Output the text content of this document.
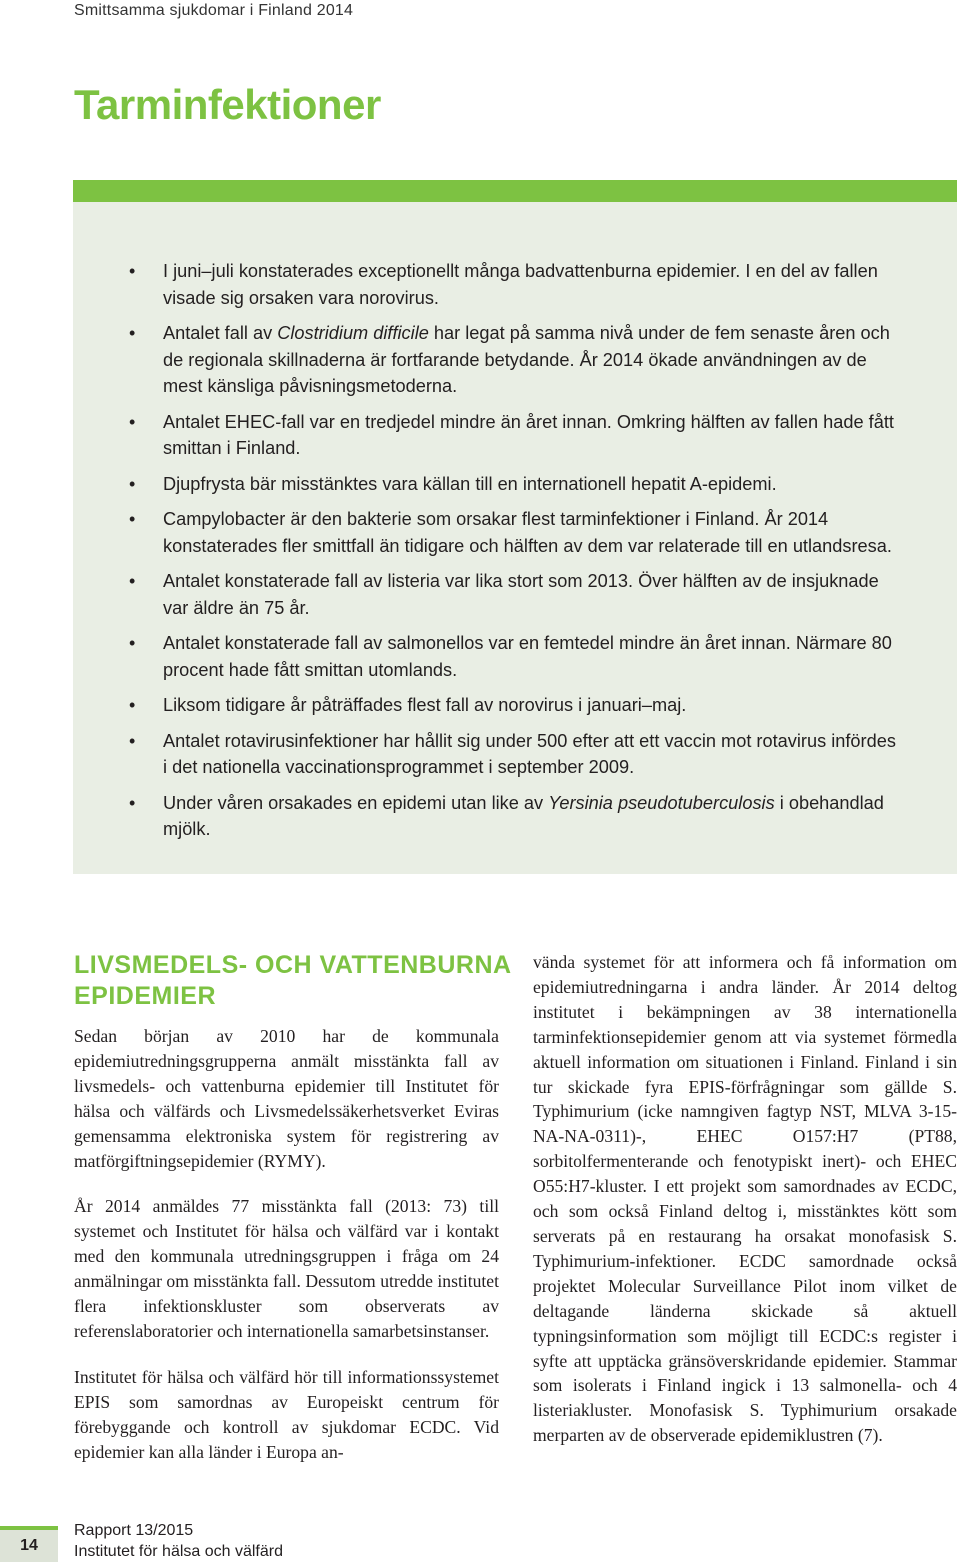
Smittsamma sjukdomar i Finland 2014
Tarminfektioner
• I juni–juli konstaterades exceptionellt många badvattenburna epidemier. I en del av fallen visade sig orsaken vara norovirus.
• Antalet fall av Clostridium difficile har legat på samma nivå under de fem senaste åren och de regionala skillnaderna är fortfarande betydande. År 2014 ökade användningen av de mest känsliga påvisningsmetoderna.
• Antalet EHEC-fall var en tredjedel mindre än året innan. Omkring hälften av fallen hade fått smittan i Finland.
• Djupfrysta bär misstänktes vara källan till en internationell hepatit A-epidemi.
• Campylobacter är den bakterie som orsakar flest tarminfektioner i Finland. År 2014 konstaterades fler smittfall än tidigare och hälften av dem var relaterade till en utlandsresa.
• Antalet konstaterade fall av listeria var lika stort som 2013. Över hälften av de insjuknade var äldre än 75 år.
• Antalet konstaterade fall av salmonellos var en femtedel mindre än året innan. Närmare 80 procent hade fått smittan utomlands.
• Liksom tidigare år påträffades flest fall av norovirus i januari–maj.
• Antalet rotavirusinfektioner har hållit sig under 500 efter att ett vaccin mot rotavirus infördes i det nationella vaccinationsprogrammet i september 2009.
• Under våren orsakades en epidemi utan like av Yersinia pseudotuberculosis i obehandlad mjölk.
LIVSMEDELS- OCH VATTENBURNA EPIDEMIER

Sedan början av 2010 har de kommunala epidemiutredningsgrupperna anmält misstänkta fall av livsmedels- och vattenburna epidemier till Institutet för hälsa och välfärds och Livsmedelssäkerhetsverket Eviras gemensamma elektroniska system för registrering av matförgiftningsepidemier (RYMY).

År 2014 anmäldes 77 misstänkta fall (2013: 73) till systemet och Institutet för hälsa och välfärd var i kontakt med den kommunala utredningsgruppen i fråga om 24 anmälningar om misstänkta fall. Dessutom utredde institutet flera infektionskluster som observerats av referenslaboratorier och internationella samarbetsinstanser.

Institutet för hälsa och välfärd hör till informationssystemet EPIS som samordnas av Europeiskt centrum för förebyggande och kontroll av sjukdomar ECDC. Vid epidemier kan alla länder i Europa an-

vända systemet för att informera och få information om epidemiutredningarna i andra länder. År 2014 deltog institutet i bekämpningen av 38 internationella tarminfektionsepidemier genom att via systemet förmedla aktuell information om situationen i Finland. Finland i sin tur skickade fyra EPIS-förfrågningar som gällde S. Typhimurium (icke namngiven fagtyp NST, MLVA 3-15-NA-NA-0311)-, EHEC O157:H7 (PT88, sorbitolfermenterande och fenotypiskt inert)- och EHEC O55:H7-kluster. I ett projekt som samordnades av ECDC, och som också Finland deltog i, misstänktes kött som serverats på en restaurang ha orsakat monofasisk S. Typhimurium-infektioner. ECDC samordnade också projektet Molecular Surveillance Pilot inom vilket de deltagande länderna skickade så aktuell typningsinformation som möjligt till ECDC:s register i syfte att upptäcka gränsöverskridande epidemier. Stammar som isolerats i Finland ingick i 13 salmonella- och 4 listeriakluster. Monofasisk S. Typhimurium orsakade merparten av de observerade epidemiklustren (7).

14
Rapport 13/2015
Institutet för hälsa och välfärd
